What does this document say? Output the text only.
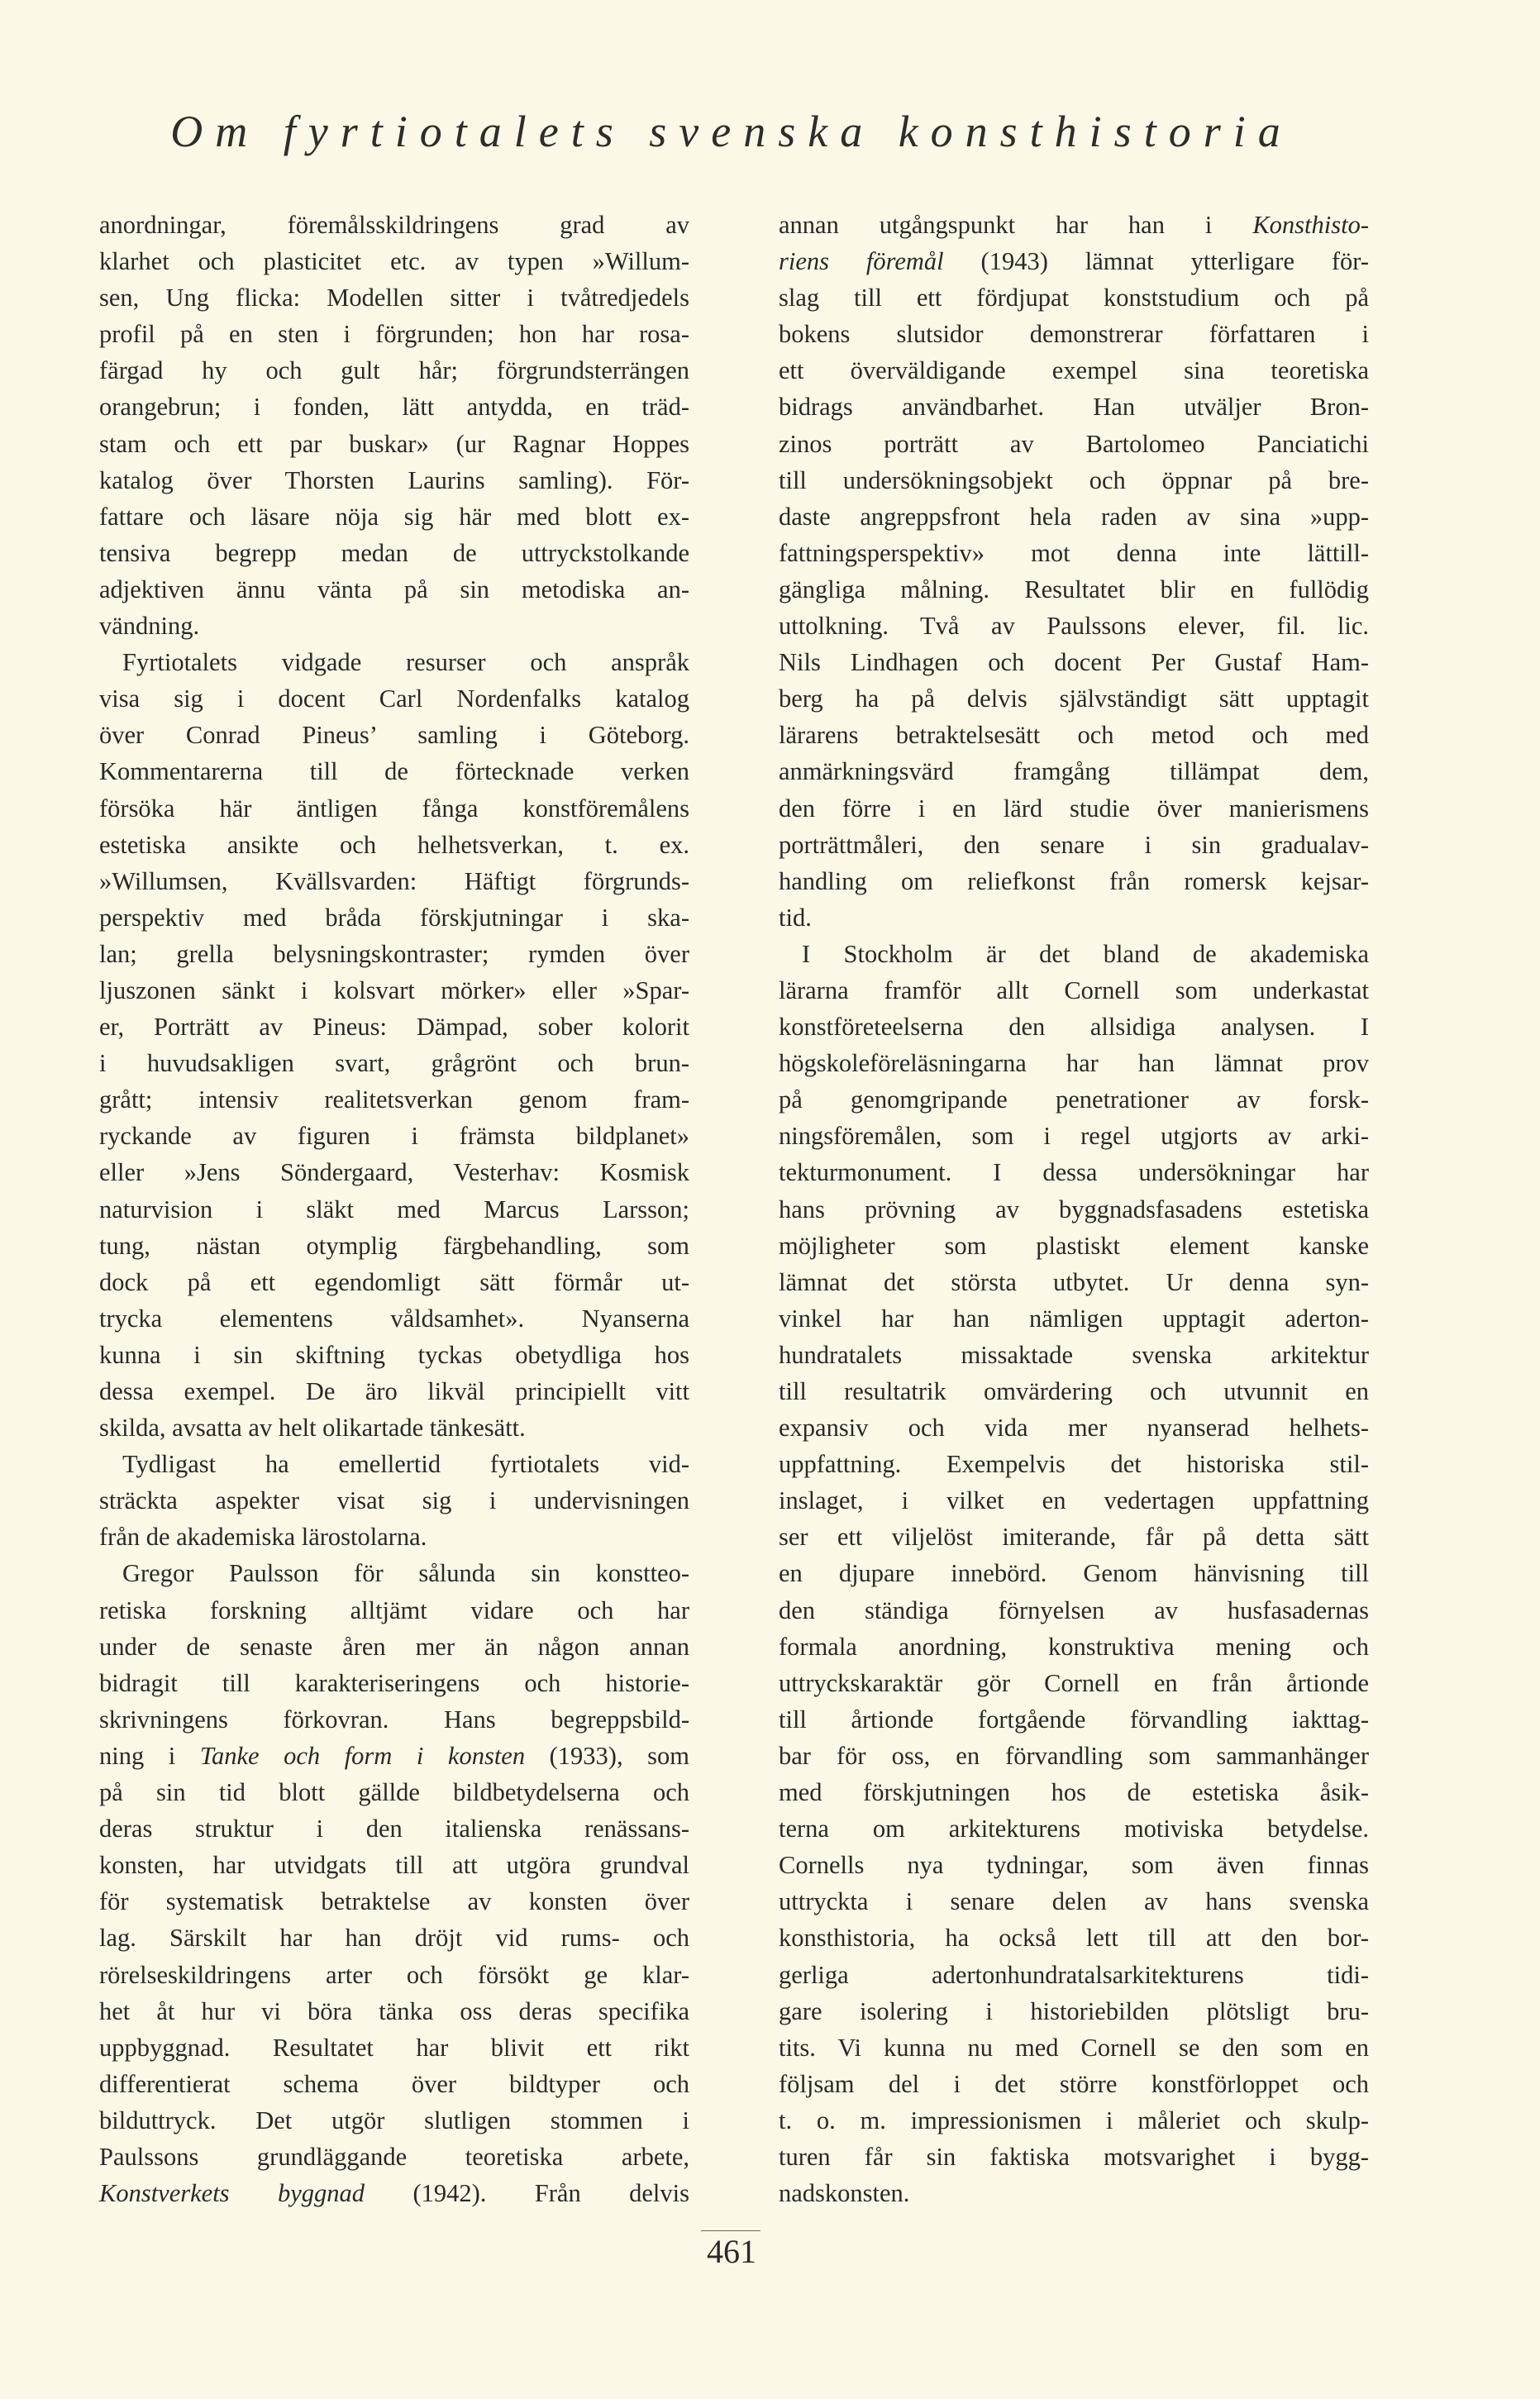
Om fyrtiotalets svenska konsthistoria
anordningar, föremålsskildringens grad av
klarhet och plasticitet etc. av typen »Willum-
sen, Ung flicka: Modellen sitter i tvåtredjedels
profil på en sten i förgrunden; hon har rosa-
färgad hy och gult hår; förgrundsterrängen
orangebrun; i fonden, lätt antydda, en träd-
stam och ett par buskar» (ur Ragnar Hoppes
katalog över Thorsten Laurins samling). För-
fattare och läsare nöja sig här med blott ex-
tensiva begrepp medan de uttryckstolkande
adjektiven ännu vänta på sin metodiska an-
vändning.
Fyrtiotalets vidgade resurser och anspråk
visa sig i docent Carl Nordenfalks katalog
över Conrad Pineus’ samling i Göteborg.
Kommentarerna till de förtecknade verken
försöka här äntligen fånga konstföremålens
estetiska ansikte och helhetsverkan, t. ex.
»Willumsen, Kvällsvarden: Häftigt förgrunds-
perspektiv med bråda förskjutningar i ska-
lan; grella belysningskontraster; rymden över
ljuszonen sänkt i kolsvart mörker» eller »Spar-
er, Porträtt av Pineus: Dämpad, sober kolorit
i huvudsakligen svart, grågrönt och brun-
grått; intensiv realitetsverkan genom fram-
ryckande av figuren i främsta bildplanet»
eller »Jens Söndergaard, Vesterhav: Kosmisk
naturvision i släkt med Marcus Larsson;
tung, nästan otymplig färgbehandling, som
dock på ett egendomligt sätt förmår ut-
trycka elementens våldsamhet». Nyanserna
kunna i sin skiftning tyckas obetydliga hos
dessa exempel. De äro likväl principiellt vitt
skilda, avsatta av helt olikartade tänkesätt.
Tydligast ha emellertid fyrtiotalets vid-
sträckta aspekter visat sig i undervisningen
från de akademiska lärostolarna.
Gregor Paulsson för sålunda sin konstteo-
retiska forskning alltjämt vidare och har
under de senaste åren mer än någon annan
bidragit till karakteriseringens och historie-
skrivningens förkovran. Hans begreppsbild-
ning i Tanke och form i konsten (1933), som
på sin tid blott gällde bildbetydelserna och
deras struktur i den italienska renässans-
konsten, har utvidgats till att utgöra grundval
för systematisk betraktelse av konsten över
lag. Särskilt har han dröjt vid rums- och
rörelseskildringens arter och försökt ge klar-
het åt hur vi böra tänka oss deras specifika
uppbyggnad. Resultatet har blivit ett rikt
differentierat schema över bildtyper och
bilduttryck. Det utgör slutligen stommen i
Paulssons grundläggande teoretiska arbete,
Konstverkets byggnad (1942). Från delvis
annan utgångspunkt har han i Konsthisto-
riens föremål (1943) lämnat ytterligare för-
slag till ett fördjupat konststudium och på
bokens slutsidor demonstrerar författaren i
ett överväldigande exempel sina teoretiska
bidrags användbarhet. Han utväljer Bron-
zinos porträtt av Bartolomeo Panciatichi
till undersökningsobjekt och öppnar på bre-
daste angreppsfront hela raden av sina »upp-
fattningsperspektiv» mot denna inte lättill-
gängliga målning. Resultatet blir en fullödig
uttolkning. Två av Paulssons elever, fil. lic.
Nils Lindhagen och docent Per Gustaf Ham-
berg ha på delvis självständigt sätt upptagit
lärarens betraktelsesätt och metod och med
anmärkningsvärd framgång tillämpat dem,
den förre i en lärd studie över manierismens
porträttmåleri, den senare i sin gradualav-
handling om reliefkonst från romersk kejsar-
tid.
I Stockholm är det bland de akademiska
lärarna framför allt Cornell som underkastat
konstföreteelserna den allsidiga analysen. I
högskoleföreläsningarna har han lämnat prov
på genomgripande penetrationer av forsk-
ningsföremålen, som i regel utgjorts av arki-
tekturmonument. I dessa undersökningar har
hans prövning av byggnadsfasadens estetiska
möjligheter som plastiskt element kanske
lämnat det största utbytet. Ur denna syn-
vinkel har han nämligen upptagit aderton-
hundratalets missaktade svenska arkitektur
till resultatrik omvärdering och utvunnit en
expansiv och vida mer nyanserad helhets-
uppfattning. Exempelvis det historiska stil-
inslaget, i vilket en vedertagen uppfattning
ser ett viljelöst imiterande, får på detta sätt
en djupare innebörd. Genom hänvisning till
den ständiga förnyelsen av husfasadernas
formala anordning, konstruktiva mening och
uttryckskaraktär gör Cornell en från årtionde
till årtionde fortgående förvandling iakttag-
bar för oss, en förvandling som sammanhänger
med förskjutningen hos de estetiska åsik-
terna om arkitekturens motiviska betydelse.
Cornells nya tydningar, som även finnas
uttryckta i senare delen av hans svenska
konsthistoria, ha också lett till att den bor-
gerliga adertonhundratalsarkitekturens tidi-
gare isolering i historiebilden plötsligt bru-
tits. Vi kunna nu med Cornell se den som en
följsam del i det större konstförloppet och
t. o. m. impressionismen i måleriet och skulp-
turen får sin faktiska motsvarighet i bygg-
nadskonsten.
461
